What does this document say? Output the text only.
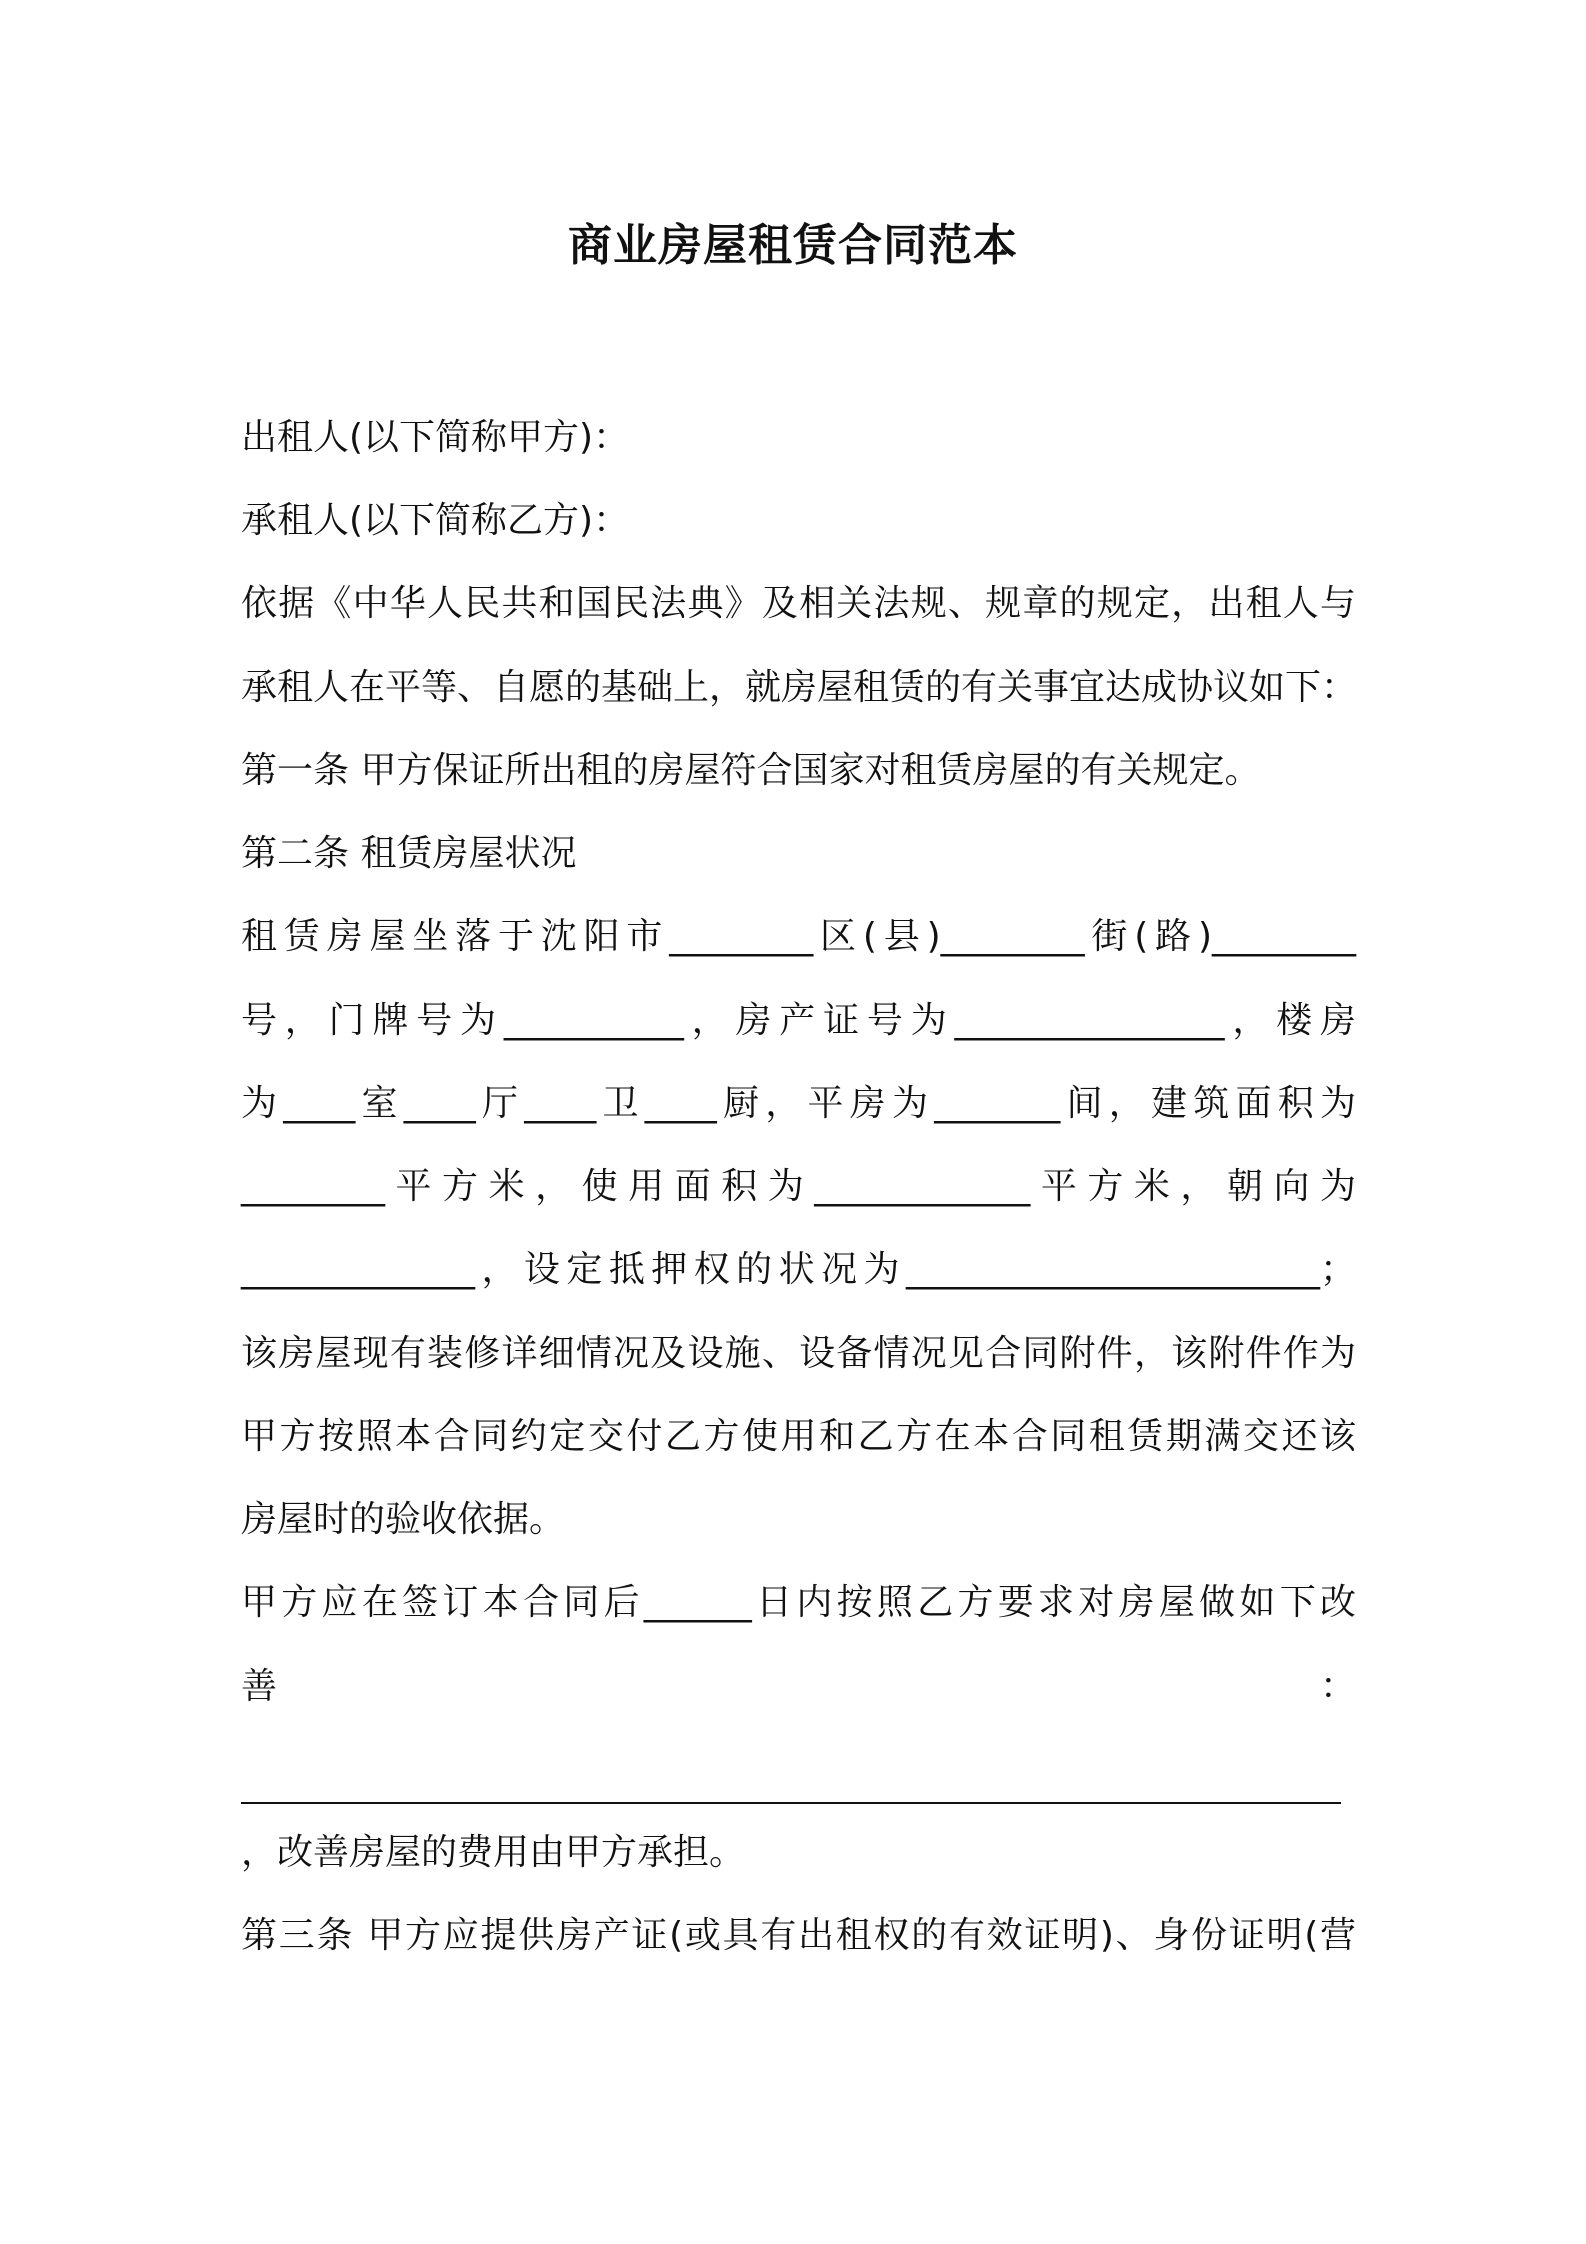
商业房屋租赁合同范本
出租人(以下简称甲方)：
承租人(以下简称乙方)：
依据《中华人民共和国民法典》及相关法规、规章的规定，出租人与
承租人在平等、自愿的基础上，就房屋租赁的有关事宜达成协议如下：
第一条 甲方保证所出租的房屋符合国家对租赁房屋的有关规定。
第二条 租赁房屋状况
租赁房屋坐落于沈阳市________区(县)________街(路)________
号，门牌号为__________，房产证号为_______________，楼房
为____室____厅____卫____厨，平房为_______间，建筑面积为
________平方米，使用面积为____________平方米，朝向为
_____________，设定抵押权的状况为_______________________；
该房屋现有装修详细情况及设施、设备情况见合同附件，该附件作为
甲方按照本合同约定交付乙方使用和乙方在本合同租赁期满交还该
房屋时的验收依据。
甲方应在签订本合同后______日内按照乙方要求对房屋做如下改
善	：
，改善房屋的费用由甲方承担。
第三条 甲方应提供房产证(或具有出租权的有效证明)、身份证明(营
